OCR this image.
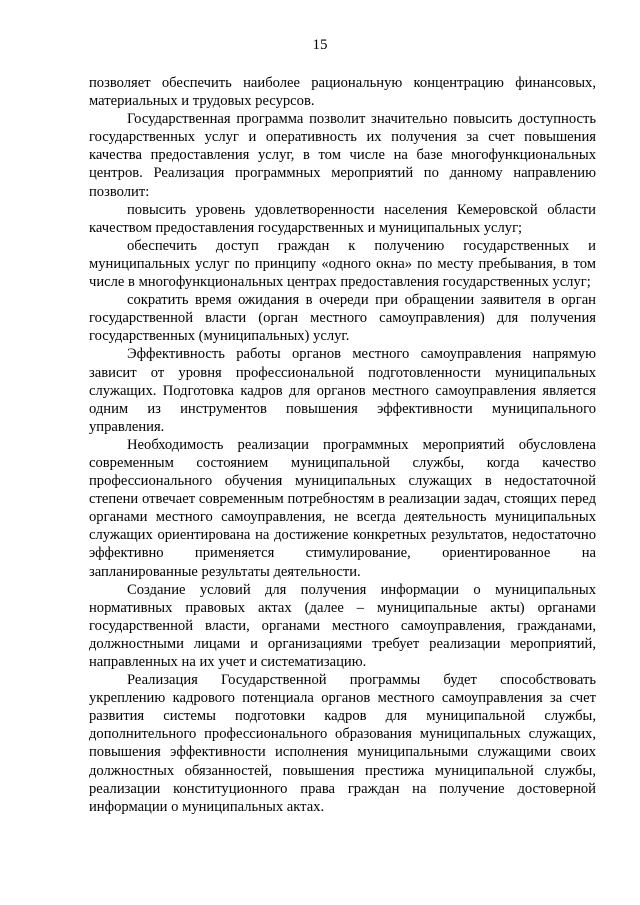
15

позволяет обеспечить наиболее рациональную концентрацию финансовых, материальных и трудовых ресурсов.

Государственная программа позволит значительно повысить доступность государственных услуг и оперативность их получения за счет повышения качества предоставления услуг, в том числе на базе многофункциональных центров. Реализация программных мероприятий по данному направлению позволит:

повысить уровень удовлетворенности населения Кемеровской области качеством предоставления государственных и муниципальных услуг;

обеспечить доступ граждан к получению государственных и муниципальных услуг по принципу «одного окна» по месту пребывания, в том числе в многофункциональных центрах предоставления государственных услуг;

сократить время ожидания в очереди при обращении заявителя в орган государственной власти (орган местного самоуправления) для получения государственных (муниципальных) услуг.

Эффективность работы органов местного самоуправления напрямую зависит от уровня профессиональной подготовленности муниципальных служащих. Подготовка кадров для органов местного самоуправления является одним из инструментов повышения эффективности муниципального управления.

Необходимость реализации программных мероприятий обусловлена современным состоянием муниципальной службы, когда качество профессионального обучения муниципальных служащих в недостаточной степени отвечает современным потребностям в реализации задач, стоящих перед органами местного самоуправления, не всегда деятельность муниципальных служащих ориентирована на достижение конкретных результатов, недостаточно эффективно применяется стимулирование, ориентированное на запланированные результаты деятельности.

Создание условий для получения информации о муниципальных нормативных правовых актах (далее – муниципальные акты) органами государственной власти, органами местного самоуправления, гражданами, должностными лицами и организациями требует реализации мероприятий, направленных на их учет и систематизацию.

Реализация Государственной программы будет способствовать укреплению кадрового потенциала органов местного самоуправления за счет развития системы подготовки кадров для муниципальной службы, дополнительного профессионального образования муниципальных служащих, повышения эффективности исполнения муниципальными служащими своих должностных обязанностей, повышения престижа муниципальной службы, реализации конституционного права граждан на получение достоверной информации о муниципальных актах.
